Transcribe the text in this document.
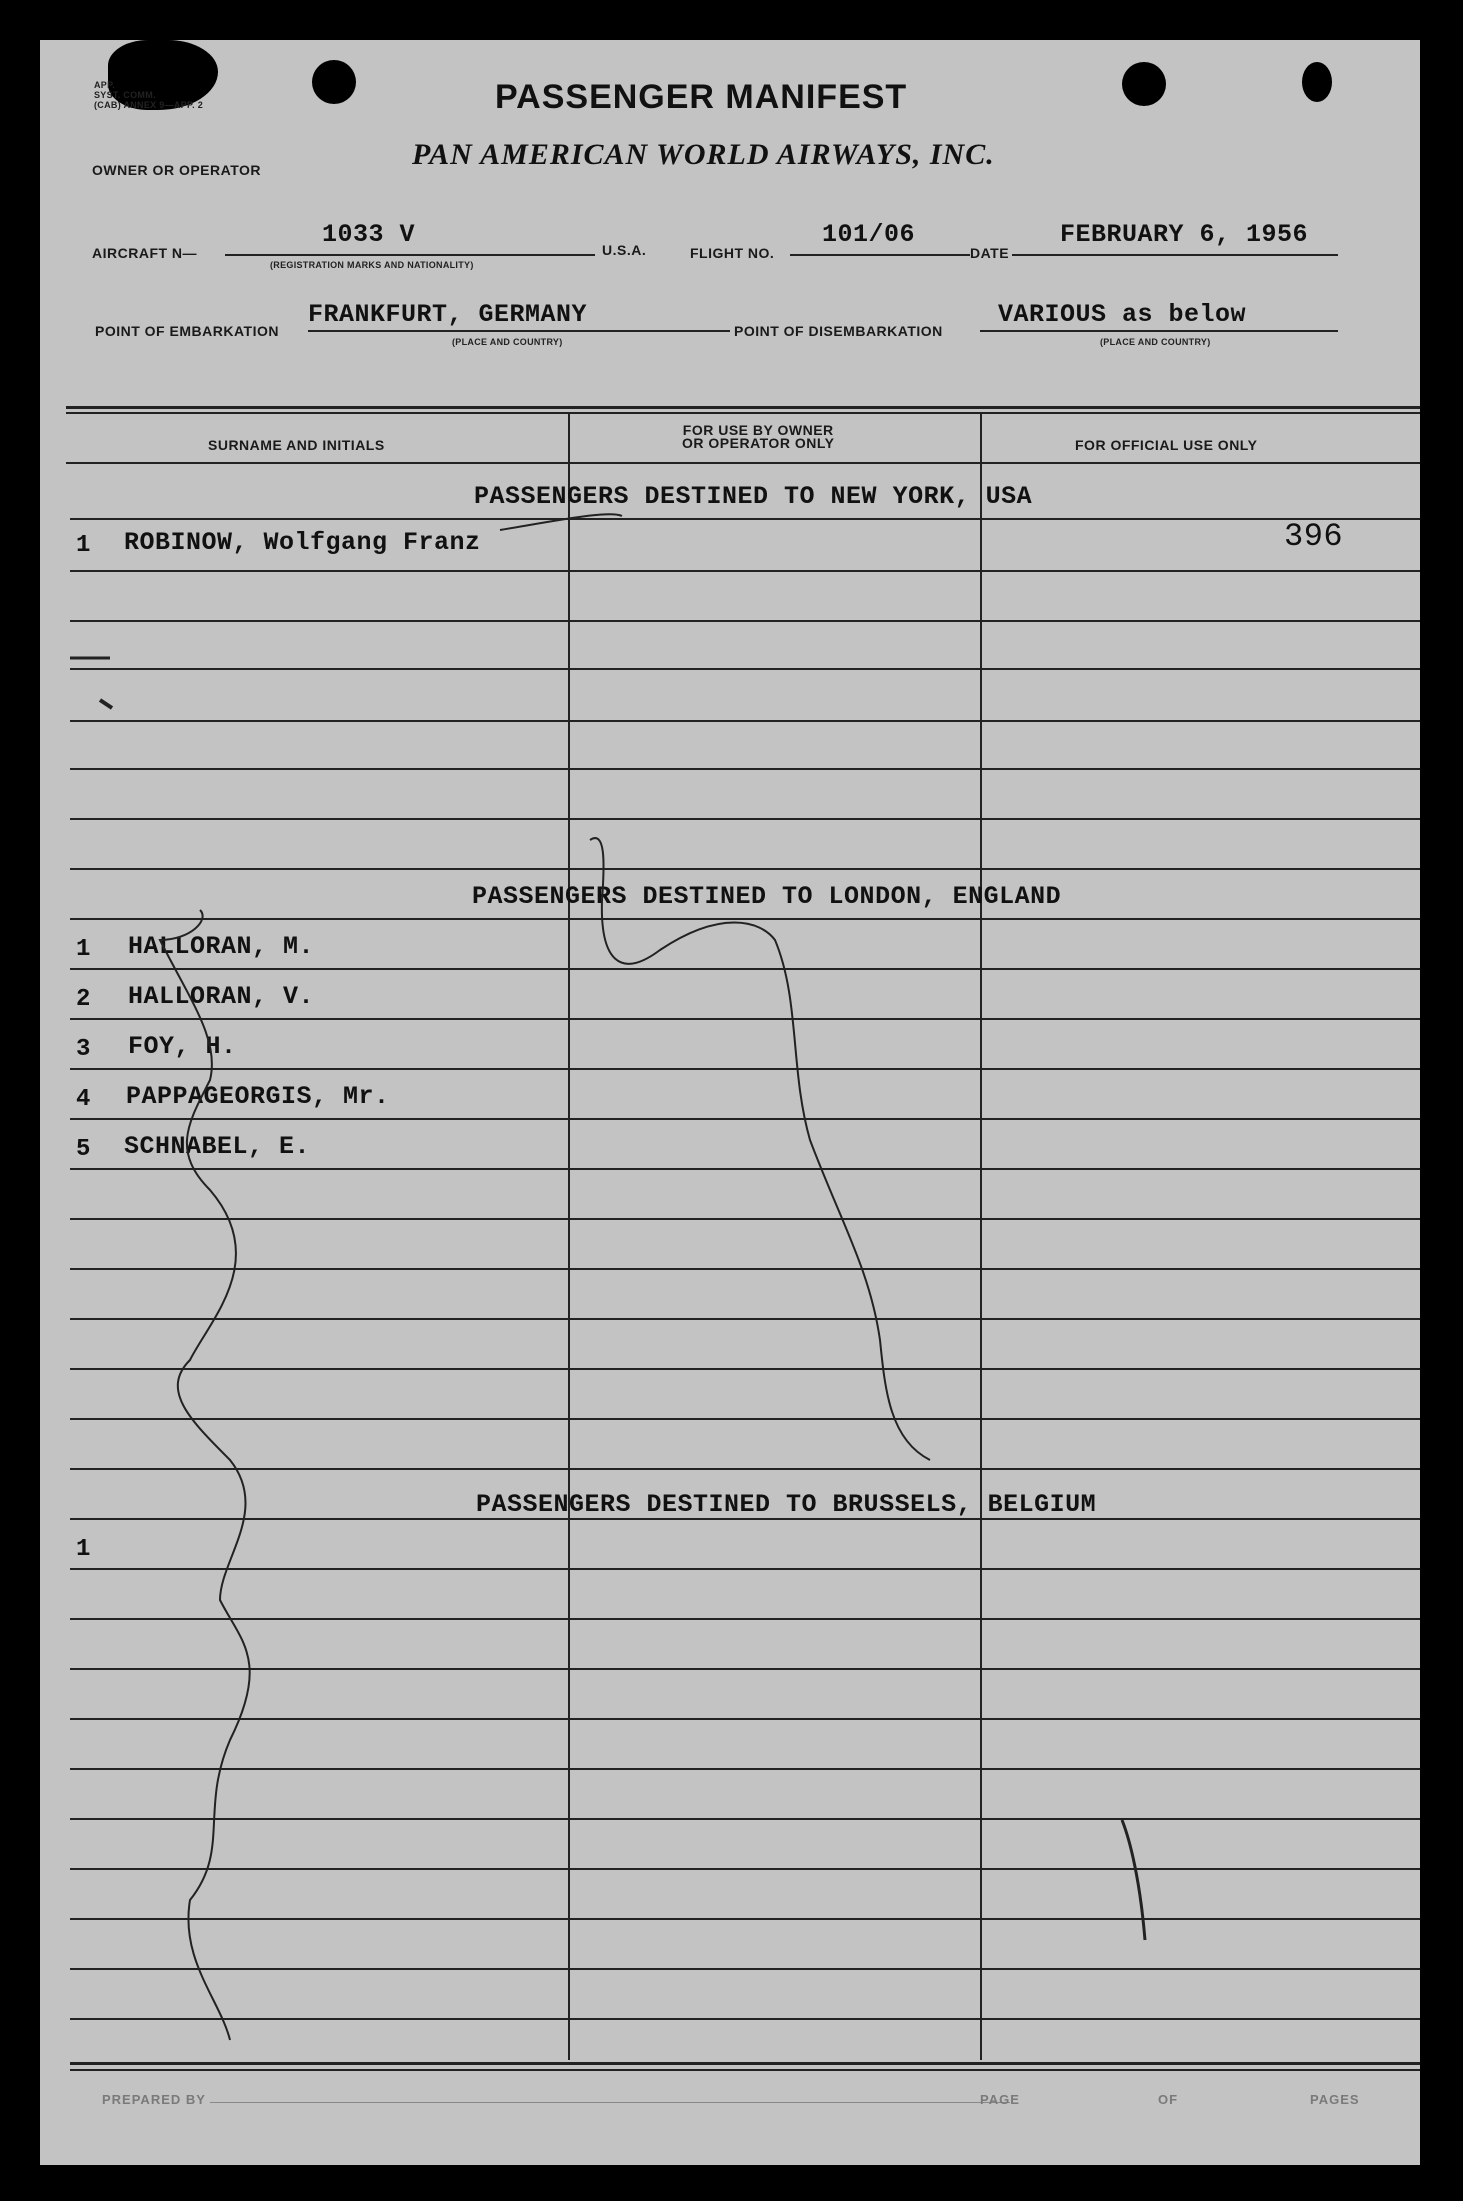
APP.
SYST. COMM.
(CAB) ANNEX 9—APP. 2	PASSENGER MANIFEST
OWNER OR OPERATOR	PAN AMERICAN WORLD AIRWAYS, INC.
AIRCRAFT N—
1033 V
(REGISTRATION MARKS AND NATIONALITY)
U.S.A.	FLIGHT NO.
101/06
DATE
FEBRUARY 6, 1956
POINT OF EMBARKATION
FRANKFURT, GERMANY
(PLACE AND COUNTRY)
POINT OF DISEMBARKATION
VARIOUS as below
(PLACE AND COUNTRY)
SURNAME AND INITIALS
FOR USE BY OWNER
OR OPERATOR ONLY	FOR OFFICIAL USE ONLY
PASSENGERS DESTINED TO NEW YORK, USA
1 ROBINOW, Wolfgang Franz	396
PASSENGERS DESTINED TO LONDON, ENGLAND
1 HALLORAN, M.
2 HALLORAN, V.
3 FOY, H.
4 PAPPAGEORGIS, Mr.
5 SCHNABEL, E.
PASSENGERS DESTINED TO BRUSSELS, BELGIUM
1
PREPARED BY	PAGE	OF	PAGES
